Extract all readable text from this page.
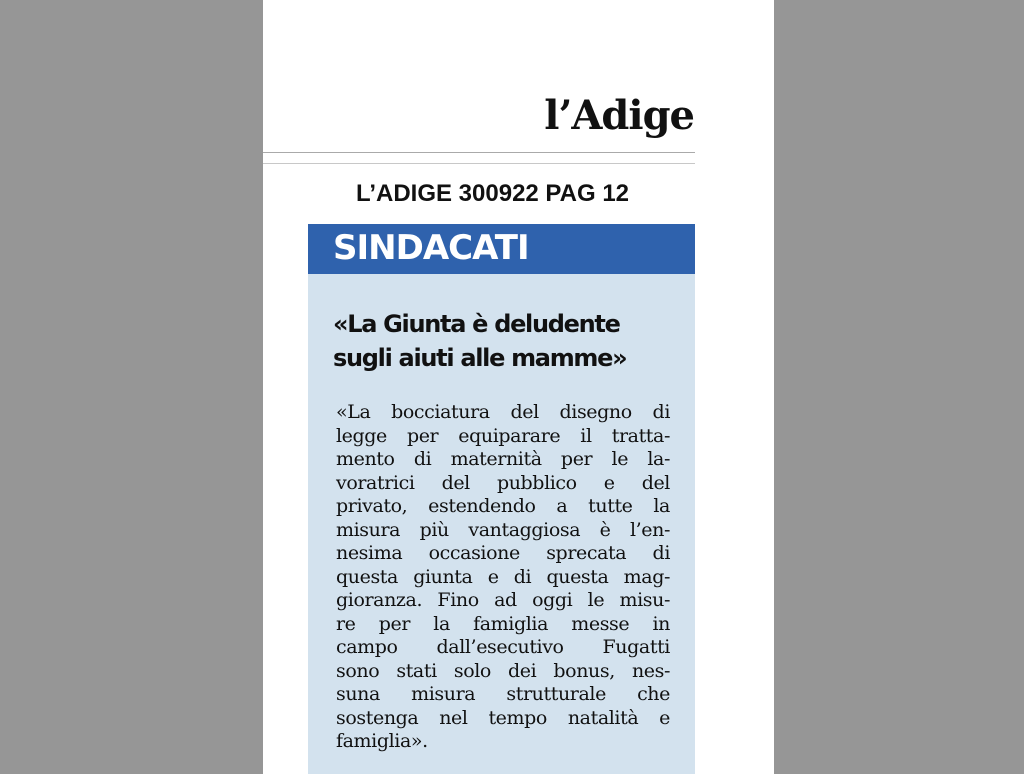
l’Adige
L’ADIGE 300922 PAG 12
SINDACATI
«La Giunta è deludente
sugli aiuti alle mamme»
«La bocciatura del disegno di
legge per equiparare il tratta-
mento di maternità per le la-
voratrici del pubblico e del
privato, estendendo a tutte la
misura più vantaggiosa è l’en-
nesima occasione sprecata di
questa giunta e di questa mag-
gioranza. Fino ad oggi le misu-
re per la famiglia messe in
campo dall’esecutivo Fugatti
sono stati solo dei bonus, nes-
suna misura strutturale che
sostenga nel tempo natalità e
famiglia».
